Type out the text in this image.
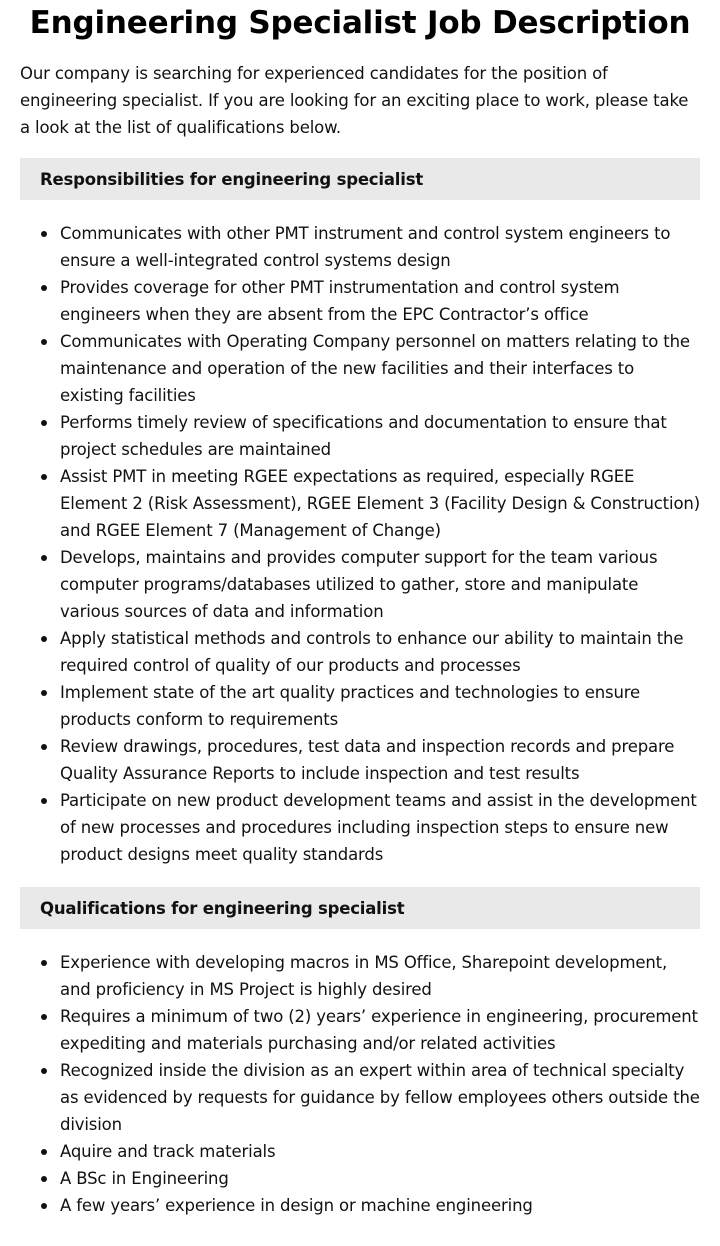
Engineering Specialist Job Description

Our company is searching for experienced candidates for the position of engineering specialist. If you are looking for an exciting place to work, please take a look at the list of qualifications below.

Responsibilities for engineering specialist
Communicates with other PMT instrument and control system engineers to ensure a well-integrated control systems design
Provides coverage for other PMT instrumentation and control system engineers when they are absent from the EPC Contractor’s office
Communicates with Operating Company personnel on matters relating to the maintenance and operation of the new facilities and their interfaces to existing facilities
Performs timely review of specifications and documentation to ensure that project schedules are maintained
Assist PMT in meeting RGEE expectations as required, especially RGEE Element 2 (Risk Assessment), RGEE Element 3 (Facility Design & Construction) and RGEE Element 7 (Management of Change)
Develops, maintains and provides computer support for the team various computer programs/databases utilized to gather, store and manipulate various sources of data and information
Apply statistical methods and controls to enhance our ability to maintain the required control of quality of our products and processes
Implement state of the art quality practices and technologies to ensure products conform to requirements
Review drawings, procedures, test data and inspection records and prepare Quality Assurance Reports to include inspection and test results
Participate on new product development teams and assist in the development of new processes and procedures including inspection steps to ensure new product designs meet quality standards
Qualifications for engineering specialist
Experience with developing macros in MS Office, Sharepoint development, and proficiency in MS Project is highly desired
Requires a minimum of two (2) years’ experience in engineering, procurement expediting and materials purchasing and/or related activities
Recognized inside the division as an expert within area of technical specialty as evidenced by requests for guidance by fellow employees others outside the division
Aquire and track materials
A BSc in Engineering
A few years’ experience in design or machine engineering
